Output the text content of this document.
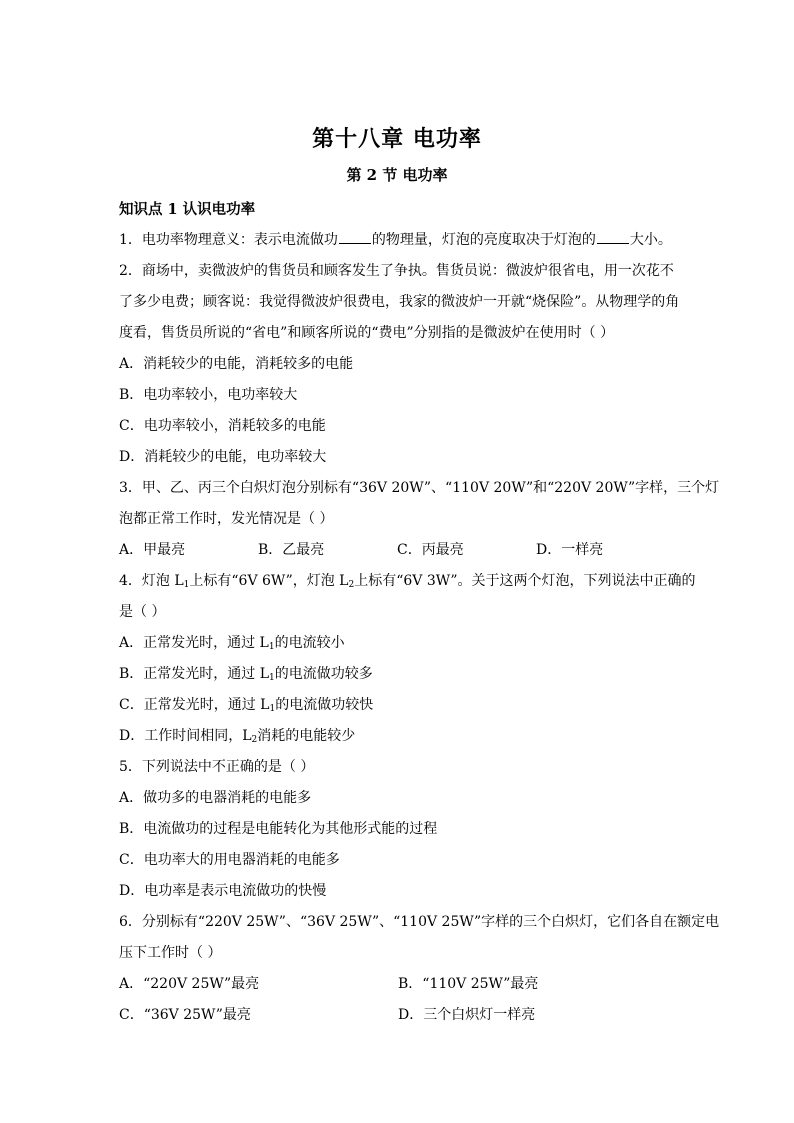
第十八章 电功率
第 2 节 电功率
知识点 1 认识电功率
1．电功率物理意义：表示电流做功 的物理量，灯泡的亮度取决于灯泡的 大小。
2．商场中，卖微波炉的售货员和顾客发生了争执。售货员说：微波炉很省电，用一次花不
了多少电费；顾客说：我觉得微波炉很费电，我家的微波炉一开就“烧保险”。从物理学的角
度看，售货员所说的“省电”和顾客所说的“费电”分别指的是微波炉在使用时（ ）
A．消耗较少的电能，消耗较多的电能
B．电功率较小，电功率较大
C．电功率较小，消耗较多的电能
D．消耗较少的电能，电功率较大
3．甲、乙、丙三个白炽灯泡分别标有“36V 20W”、“110V 20W”和“220V 20W”字样，三个灯
泡都正常工作时，发光情况是（ ）
A．甲最亮	B．乙最亮	C．丙最亮	D．一样亮
4．灯泡 $L_1$上标有“6V 6W”，灯泡 $L_2$上标有“6V 3W”。关于这两个灯泡，下列说法中正确的
是（ ）
A．正常发光时，通过 $L_1$的电流较小
B．正常发光时，通过 $L_1$的电流做功较多
C．正常发光时，通过 $L_1$的电流做功较快
D．工作时间相同，$L_2$消耗的电能较少
5．下列说法中不正确的是（ ）
A．做功多的电器消耗的电能多
B．电流做功的过程是电能转化为其他形式能的过程
C．电功率大的用电器消耗的电能多
D．电功率是表示电流做功的快慢
6．分别标有“220V 25W”、“36V 25W”、“110V 25W”字样的三个白炽灯，它们各自在额定电
压下工作时（ ）
A．“220V 25W”最亮	B．“110V 25W”最亮
C．“36V 25W”最亮	D．三个白炽灯一样亮
